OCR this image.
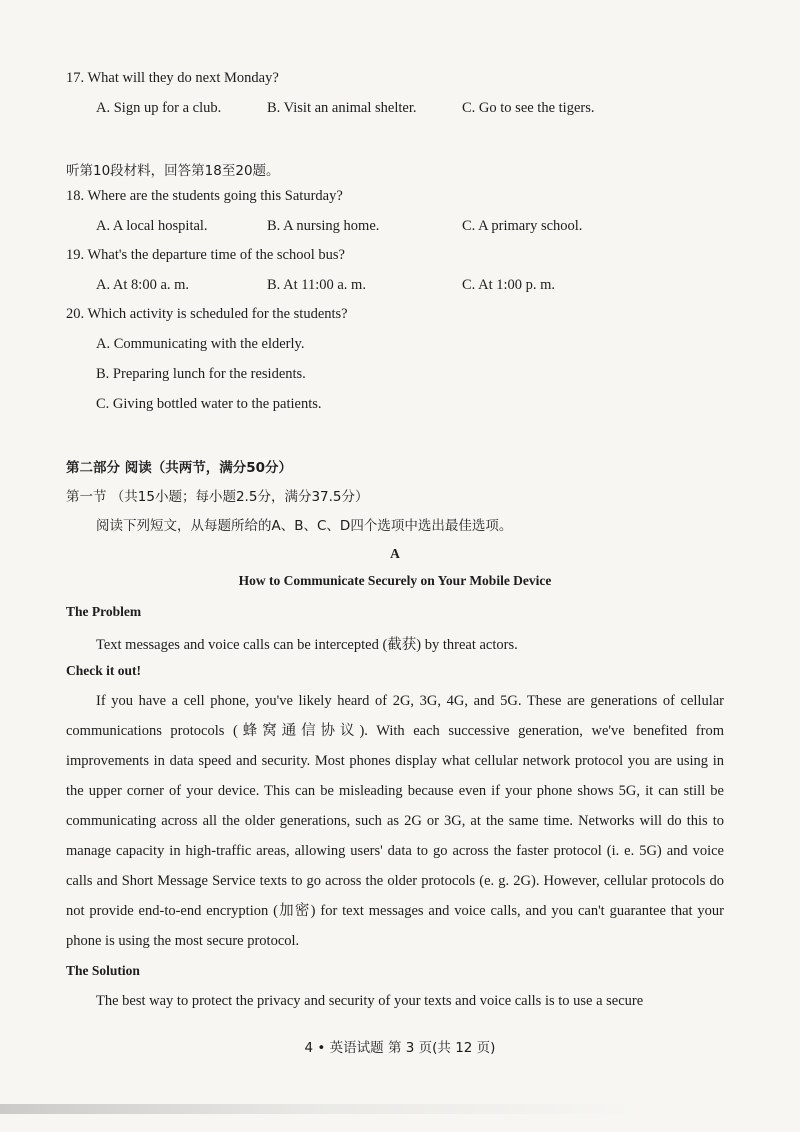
17. What will they do next Monday?
A. Sign up for a club.	B. Visit an animal shelter.	C. Go to see the tigers.
听第10段材料，回答第18至20题。
18. Where are the students going this Saturday?
A. A local hospital.	B. A nursing home.	C. A primary school.
19. What's the departure time of the school bus?
A. At 8:00 a. m.	B. At 11:00 a. m.	C. At 1:00 p. m.
20. Which activity is scheduled for the students?
A. Communicating with the elderly.
B. Preparing lunch for the residents.
C. Giving bottled water to the patients.
第二部分 阅读（共两节，满分50分）
第一节 （共15小题；每小题2.5分，满分37.5分）
阅读下列短文，从每题所给的A、B、C、D四个选项中选出最佳选项。
A
How to Communicate Securely on Your Mobile Device
The Problem
Text messages and voice calls can be intercepted (截获) by threat actors.
Check it out!
If you have a cell phone, you've likely heard of 2G, 3G, 4G, and 5G. These are generations of cellular communications protocols (蜂窝通信协议). With each successive generation, we've benefited from improvements in data speed and security. Most phones display what cellular network protocol you are using in the upper corner of your device. This can be misleading because even if your phone shows 5G, it can still be communicating across all the older generations, such as 2G or 3G, at the same time. Networks will do this to manage capacity in high-traffic areas, allowing users' data to go across the faster protocol (i. e. 5G) and voice calls and Short Message Service texts to go across the older protocols (e. g. 2G). However, cellular protocols do not provide end-to-end encryption (加密) for text messages and voice calls, and you can't guarantee that your phone is using the most secure protocol.
The Solution
The best way to protect the privacy and security of your texts and voice calls is to use a secure
4 • 英语试题 第 3 页(共 12 页)
